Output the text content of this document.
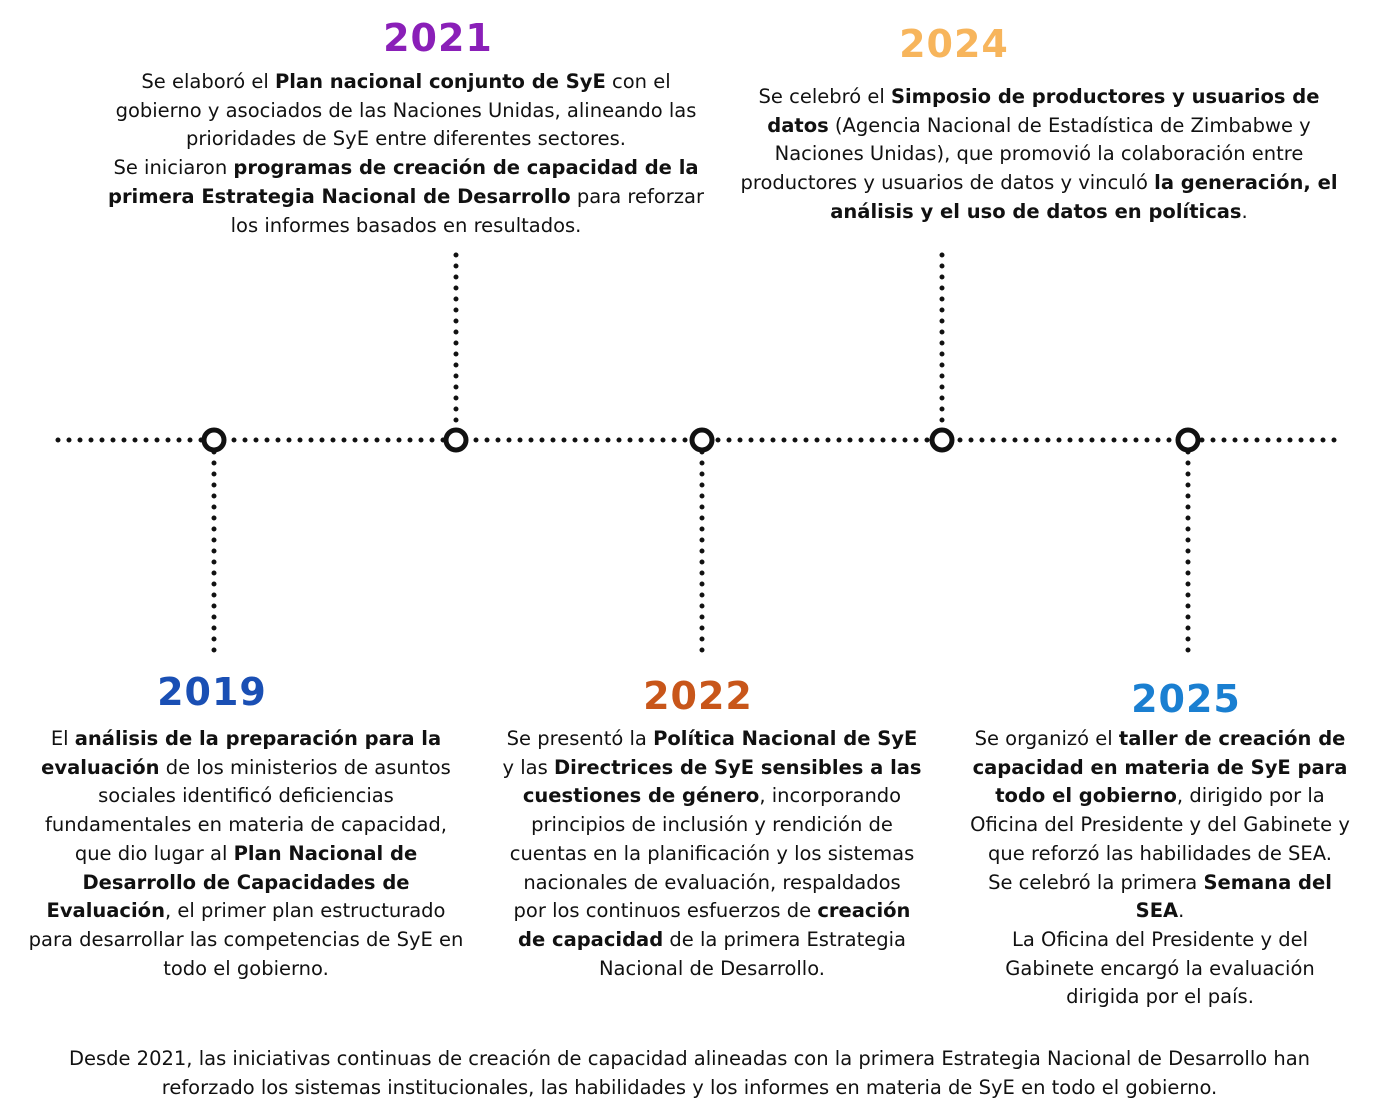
2019
2021
2022
2024
2025
El análisis de la preparación para la
evaluación de los ministerios de asuntos
sociales identificó deficiencias
fundamentales en materia de capacidad,
que dio lugar al Plan Nacional de
Desarrollo de Capacidades de
Evaluación, el primer plan estructurado
para desarrollar las competencias de SyE en
todo el gobierno.
Se elaboró el Plan nacional conjunto de SyE con el
gobierno y asociados de las Naciones Unidas, alineando las
prioridades de SyE entre diferentes sectores.
Se iniciaron programas de creación de capacidad de la
primera Estrategia Nacional de Desarrollo para reforzar
los informes basados en resultados.
Se presentó la Política Nacional de SyE
y las Directrices de SyE sensibles a las
cuestiones de género, incorporando
principios de inclusión y rendición de
cuentas en la planificación y los sistemas
nacionales de evaluación, respaldados
por los continuos esfuerzos de creación
de capacidad de la primera Estrategia
Nacional de Desarrollo.
Se celebró el Simposio de productores y usuarios de
datos (Agencia Nacional de Estadística de Zimbabwe y
Naciones Unidas), que promovió la colaboración entre
productores y usuarios de datos y vinculó la generación, el
análisis y el uso de datos en políticas.
Se organizó el taller de creación de
capacidad en materia de SyE para
todo el gobierno, dirigido por la
Oficina del Presidente y del Gabinete y
que reforzó las habilidades de SEA.
Se celebró la primera Semana del
SEA.
La Oficina del Presidente y del
Gabinete encargó la evaluación
dirigida por el país.
Desde 2021, las iniciativas continuas de creación de capacidad alineadas con la primera Estrategia Nacional de Desarrollo han
reforzado los sistemas institucionales, las habilidades y los informes en materia de SyE en todo el gobierno.
